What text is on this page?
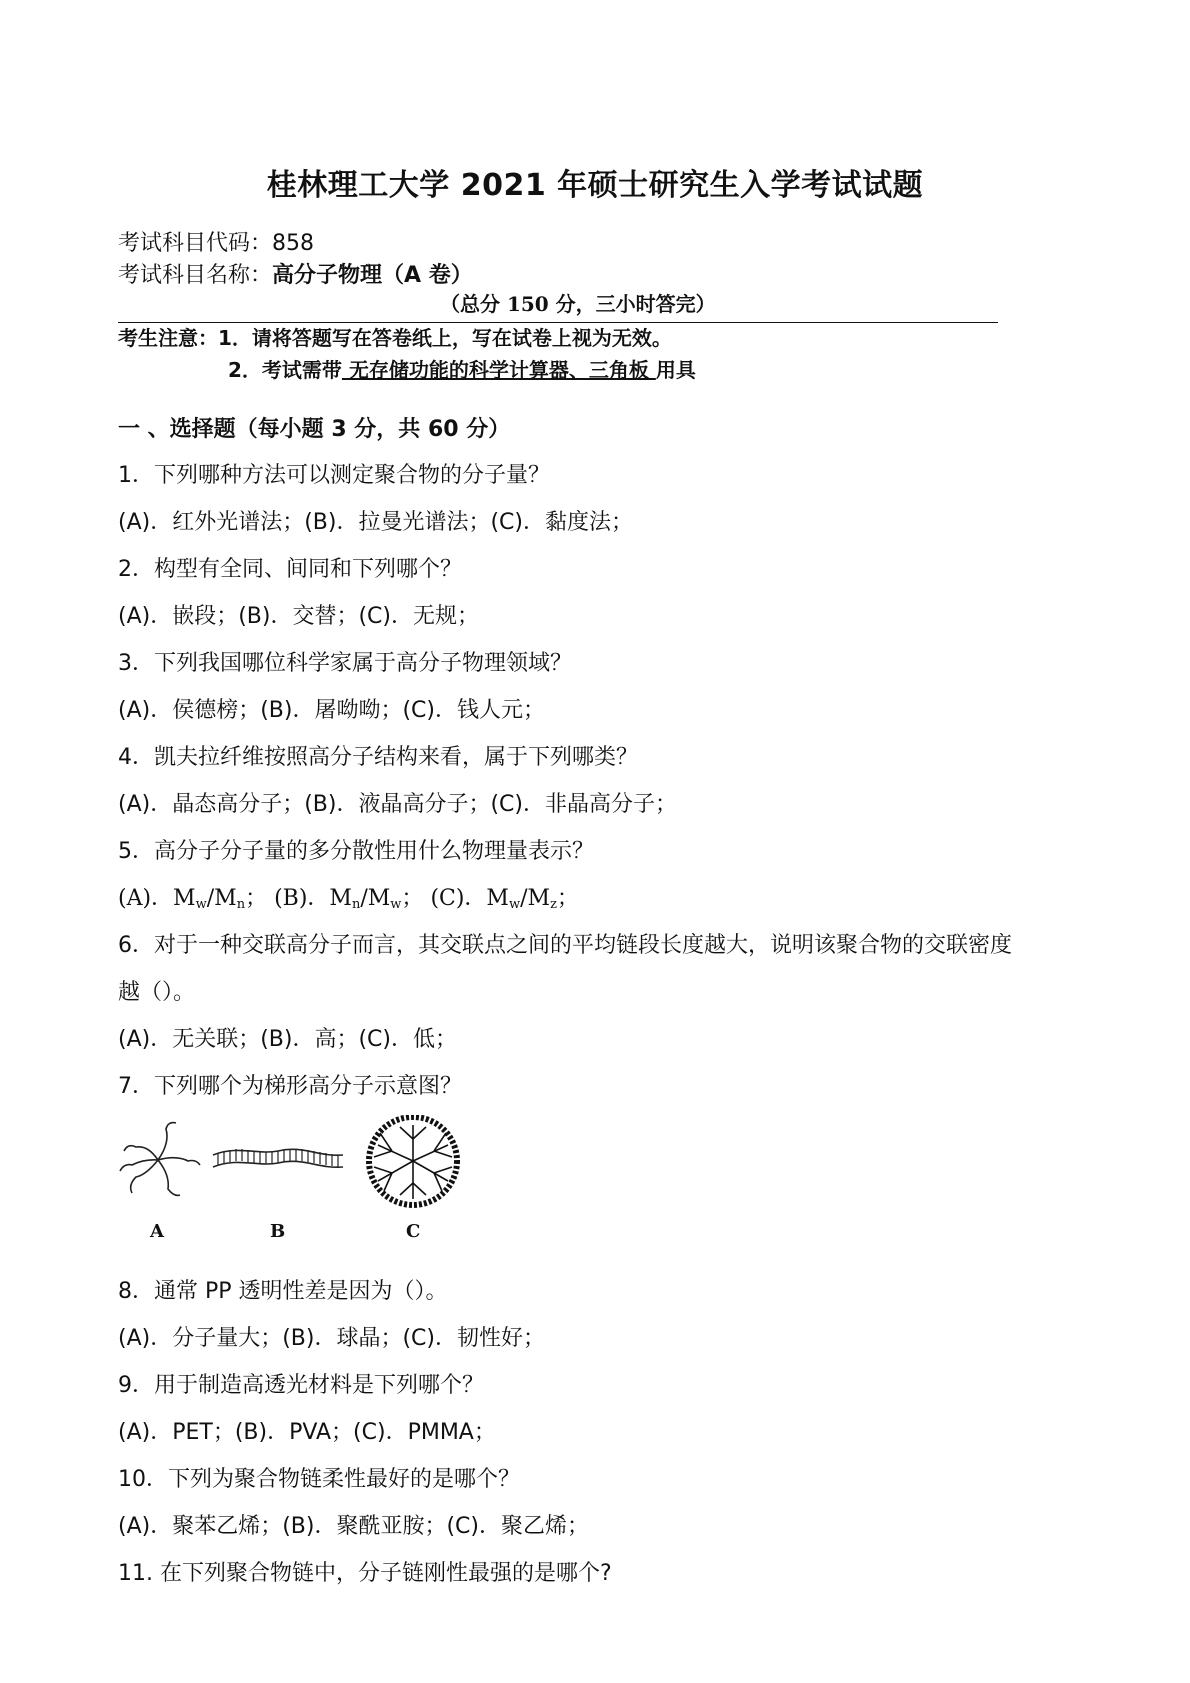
桂林理工大学 2021 年硕士研究生入学考试试题
考试科目代码：858
考试科目名称：高分子物理（A 卷）
（总分 150 分，三小时答完）
考生注意：1．请将答题写在答卷纸上，写在试卷上视为无效。
2．考试需带 无存储功能的科学计算器、三角板 用具
一 、选择题（每小题 3 分，共 60 分）
1．下列哪种方法可以测定聚合物的分子量？
(A)．红外光谱法；(B)．拉曼光谱法；(C)．黏度法；
2．构型有全同、间同和下列哪个？
(A)．嵌段；(B)．交替；(C)．无规；
3．下列我国哪位科学家属于高分子物理领域？
(A)．侯德榜；(B)．屠呦呦；(C)．钱人元；
4．凯夫拉纤维按照高分子结构来看，属于下列哪类？
(A)．晶态高分子；(B)．液晶高分子；(C)．非晶高分子；
5．高分子分子量的多分散性用什么物理量表示？
(A)．$M_w/M_n$； (B)．$M_n/M_w$； (C)．$M_w/M_z$；
6．对于一种交联高分子而言，其交联点之间的平均链段长度越大，说明该聚合物的交联密度
越（）。
(A)．无关联；(B)．高；(C)．低；
7．下列哪个为梯形高分子示意图？
A	B	C
8．通常 PP 透明性差是因为（）。
(A)．分子量大；(B)．球晶；(C)．韧性好；
9．用于制造高透光材料是下列哪个？
(A)．PET；(B)．PVA；(C)．PMMA；
10．下列为聚合物链柔性最好的是哪个？
(A)．聚苯乙烯；(B)．聚酰亚胺；(C)．聚乙烯；
11. 在下列聚合物链中，分子链刚性最强的是哪个?
